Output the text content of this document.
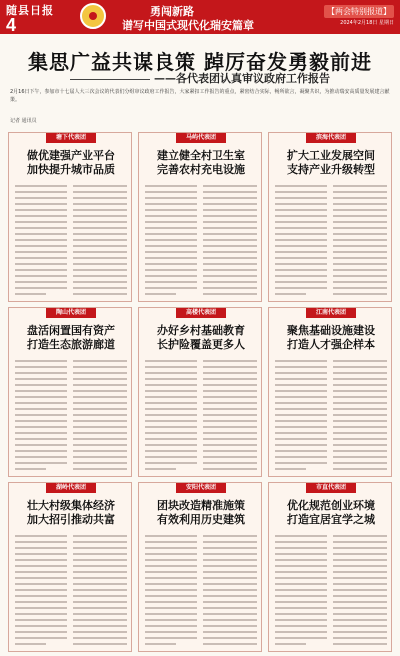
随县日报
4
勇闯新路
谱写中国式现代化瑞安篇章
【两会特别报道】
2024年2月18日 星期日
集思广益共谋良策 踔厉奋发勇毅前进
——各代表团认真审议政府工作报告
2月16日下午，参加市十七届人大三次会议的代表们分组审议政府工作报告，大家紧扣工作报告的重点，紧密结合实际，畅所欲言，凝聚共识，为推动瑞安高质量发展建言献策。
记者 通讯员
塘下代表团
做优建强产业平台
加快提升城市品质
马屿代表团
建立健全村卫生室
完善农村充电设施
滨海代表团
扩大工业发展空间
支持产业升级转型
陶山代表团
盘活闲置国有资产
打造生态旅游廊道
高楼代表团
办好乡村基础教育
长护险覆盖更多人
江南代表团
聚焦基础设施建设
打造人才强企样本
湖岭代表团
壮大村级集体经济
加大招引推动共富
安阳代表团
团块改造精准施策
有效利用历史建筑
市直代表团
优化规范创业环境
打造宜居宜学之城
